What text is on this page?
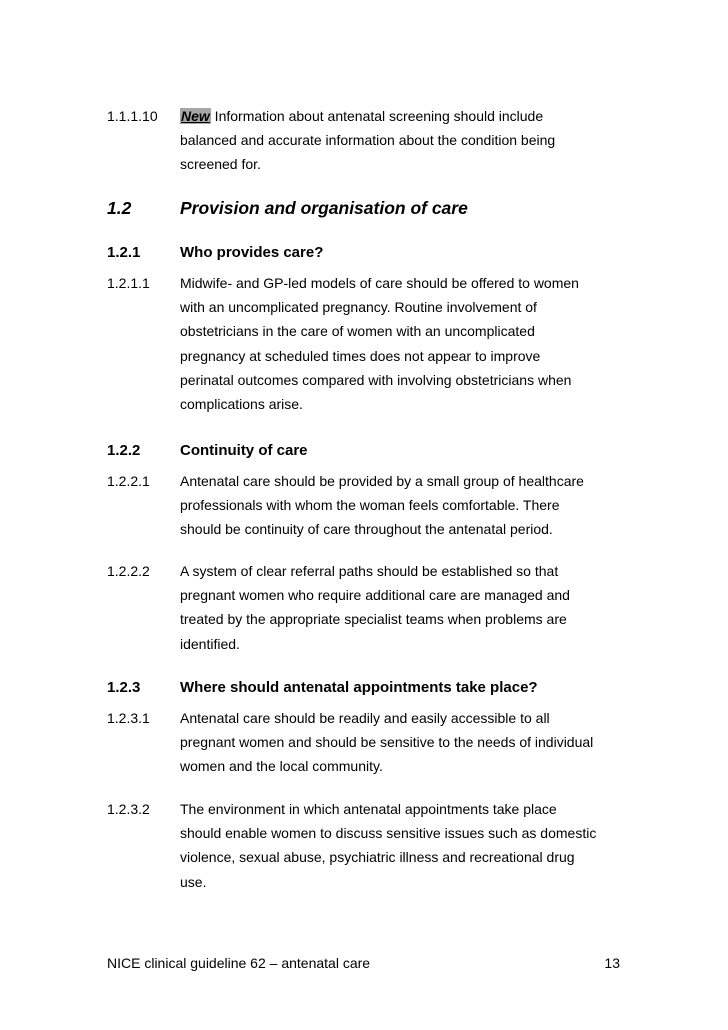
1.1.1.10 New Information about antenatal screening should include

balanced and accurate information about the condition being

screened for.

1.2	Provision and organisation of care
1.2.1	Who provides care?
1.2.1.1 Midwife- and GP-led models of care should be offered to women

with an uncomplicated pregnancy. Routine involvement of

obstetricians in the care of women with an uncomplicated

pregnancy at scheduled times does not appear to improve

perinatal outcomes compared with involving obstetricians when

complications arise.

1.2.2	Continuity of care
1.2.2.1 Antenatal care should be provided by a small group of healthcare

professionals with whom the woman feels comfortable. There

should be continuity of care throughout the antenatal period.

1.2.2.2 A system of clear referral paths should be established so that

pregnant women who require additional care are managed and

treated by the appropriate specialist teams when problems are

identified.

1.2.3	Where should antenatal appointments take place?
1.2.3.1 Antenatal care should be readily and easily accessible to all

pregnant women and should be sensitive to the needs of individual

women and the local community.

1.2.3.2 The environment in which antenatal appointments take place

should enable women to discuss sensitive issues such as domestic

violence, sexual abuse, psychiatric illness and recreational drug

use.

NICE clinical guideline 62 – antenatal care	13
